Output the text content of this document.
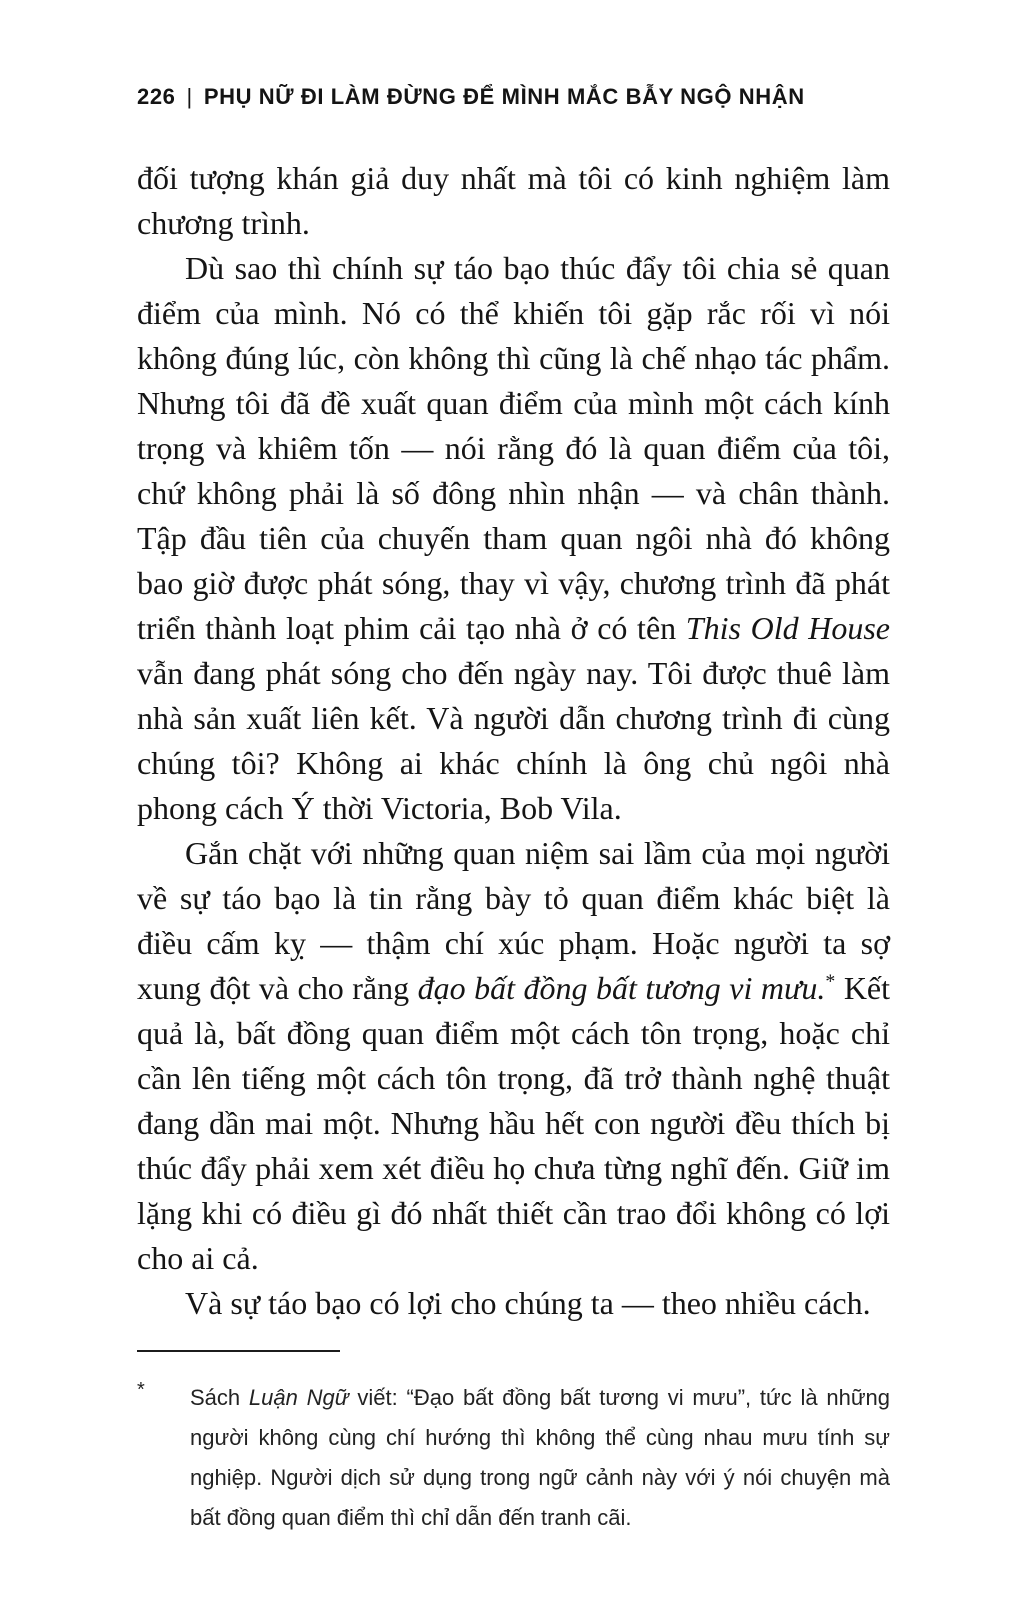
226 | PHỤ NỮ ĐI LÀM ĐỪNG ĐỂ MÌNH MẮC BẪY NGỘ NHẬN

đối tượng khán giả duy nhất mà tôi có kinh nghiệm làm chương trình.

Dù sao thì chính sự táo bạo thúc đẩy tôi chia sẻ quan điểm của mình. Nó có thể khiến tôi gặp rắc rối vì nói không đúng lúc, còn không thì cũng là chế nhạo tác phẩm. Nhưng tôi đã đề xuất quan điểm của mình một cách kính trọng và khiêm tốn — nói rằng đó là quan điểm của tôi, chứ không phải là số đông nhìn nhận — và chân thành. Tập đầu tiên của chuyến tham quan ngôi nhà đó không bao giờ được phát sóng, thay vì vậy, chương trình đã phát triển thành loạt phim cải tạo nhà ở có tên This Old House vẫn đang phát sóng cho đến ngày nay. Tôi được thuê làm nhà sản xuất liên kết. Và người dẫn chương trình đi cùng chúng tôi? Không ai khác chính là ông chủ ngôi nhà phong cách Ý thời Victoria, Bob Vila.

Gắn chặt với những quan niệm sai lầm của mọi người về sự táo bạo là tin rằng bày tỏ quan điểm khác biệt là điều cấm kỵ — thậm chí xúc phạm. Hoặc người ta sợ xung đột và cho rằng đạo bất đồng bất tương vi mưu.* Kết quả là, bất đồng quan điểm một cách tôn trọng, hoặc chỉ cần lên tiếng một cách tôn trọng, đã trở thành nghệ thuật đang dần mai một. Nhưng hầu hết con người đều thích bị thúc đẩy phải xem xét điều họ chưa từng nghĩ đến. Giữ im lặng khi có điều gì đó nhất thiết cần trao đổi không có lợi cho ai cả.

Và sự táo bạo có lợi cho chúng ta — theo nhiều cách.

*	Sách Luận Ngữ viết: “Đạo bất đồng bất tương vi mưu”, tức là những người không cùng chí hướng thì không thể cùng nhau mưu tính sự nghiệp. Người dịch sử dụng trong ngữ cảnh này với ý nói chuyện mà bất đồng quan điểm thì chỉ dẫn đến tranh cãi.
